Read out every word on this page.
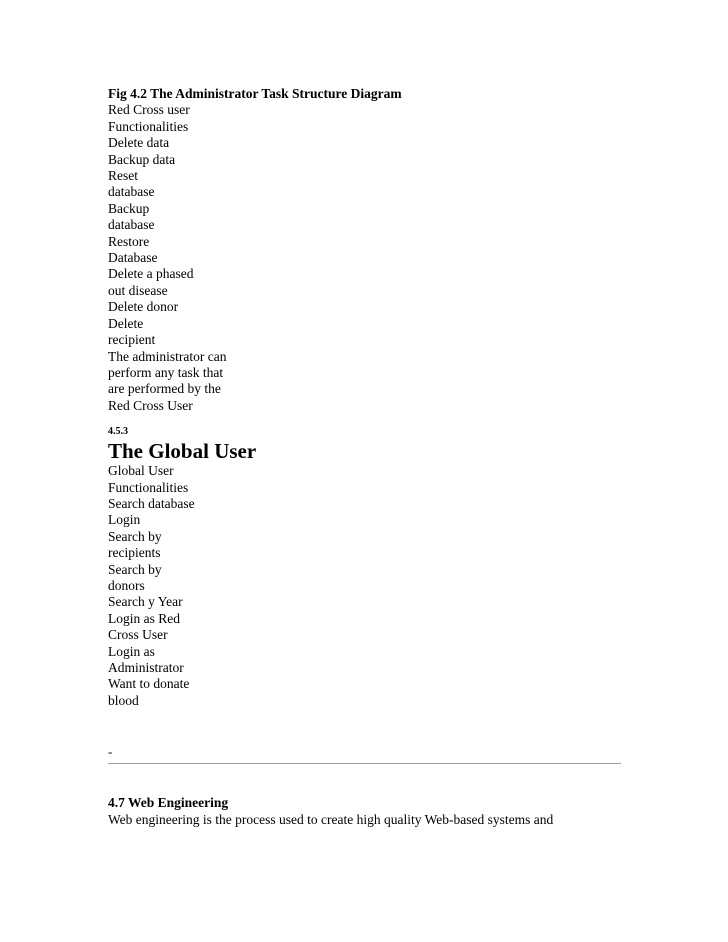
Fig 4.2 The Administrator Task Structure Diagram
Red Cross user
Functionalities
Delete data
Backup data
Reset
database
Backup
database
Restore
Database
Delete a phased
out disease
Delete donor
Delete
recipient
The administrator can
perform any task that
are performed by the
Red Cross User
4.5.3
The Global User
Global User
Functionalities
Search database
Login
Search by
recipients
Search by
donors
Search y Year
Login as Red
Cross User
Login as
Administrator
Want to donate
blood
-
4.7 Web Engineering
Web engineering is the process used to create high quality Web-based systems and
